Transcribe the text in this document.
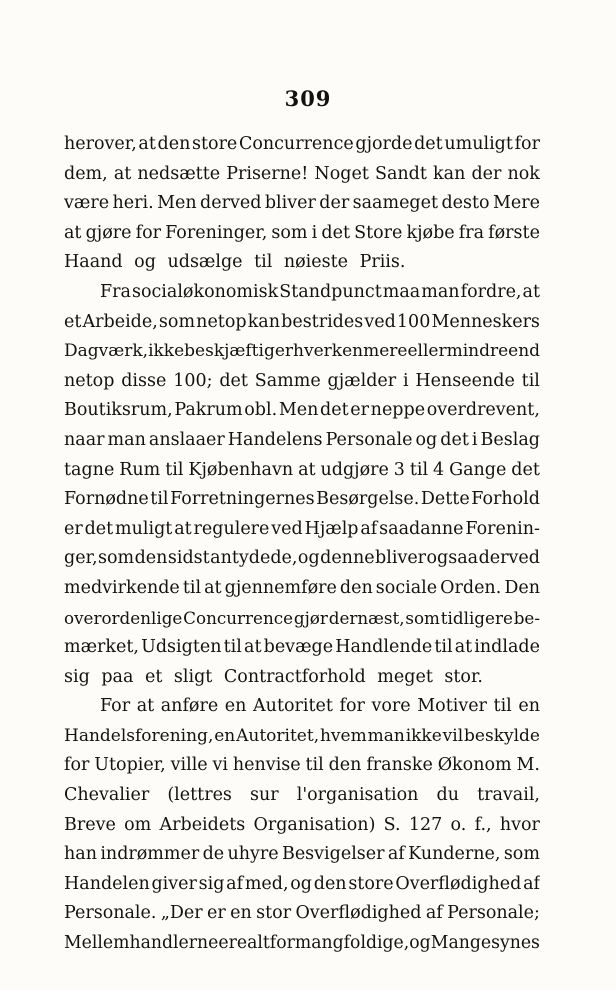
309
herover, at den store Concurrence gjorde det umuligt for
dem, at nedsætte Priserne! Noget Sandt kan der nok
være heri. Men derved bliver der saameget desto Mere
at gjøre for Foreninger, som i det Store kjøbe fra første
Haand og udsælge til nøieste Priis.
Fra socialøkonomisk Standpunct maa man fordre, at
et Arbeide, som netop kan bestrides ved 100 Menneskers
Dagværk, ikke beskjæftiger hverken mere eller mindre end
netop disse 100; det Samme gjælder i Henseende til
Boutiksrum, Pakrum obl. Men det er neppe overdrevent,
naar man anslaaer Handelens Personale og det i Beslag
tagne Rum til Kjøbenhavn at udgjøre 3 til 4 Gange det
Fornødne til Forretningernes Besørgelse. Dette Forhold
er det muligt at regulere ved Hjælp af saadanne Forenin-
ger, som den sidst antydede, og denne bliver ogsaa derved
medvirkende til at gjennemføre den sociale Orden. Den
overordenlige Concurrence gjør dernæst, som tidligere be-
mærket, Udsigten til at bevæge Handlende til at indlade
sig paa et sligt Contractforhold meget stor.
For at anføre en Autoritet for vore Motiver til en
Handelsforening, en Autoritet, hvem man ikke vil beskylde
for Utopier, ville vi henvise til den franske Økonom M.
Chevalier (lettres sur l'organisation du travail,
Breve om Arbeidets Organisation) S. 127 o. f., hvor
han indrømmer de uhyre Besvigelser af Kunderne, som
Handelen giver sig af med, og den store Overflødighed af
Personale. „Der er en stor Overflødighed af Personale;
Mellemhandlerne ere altfor mangfoldige, og Mange synes
